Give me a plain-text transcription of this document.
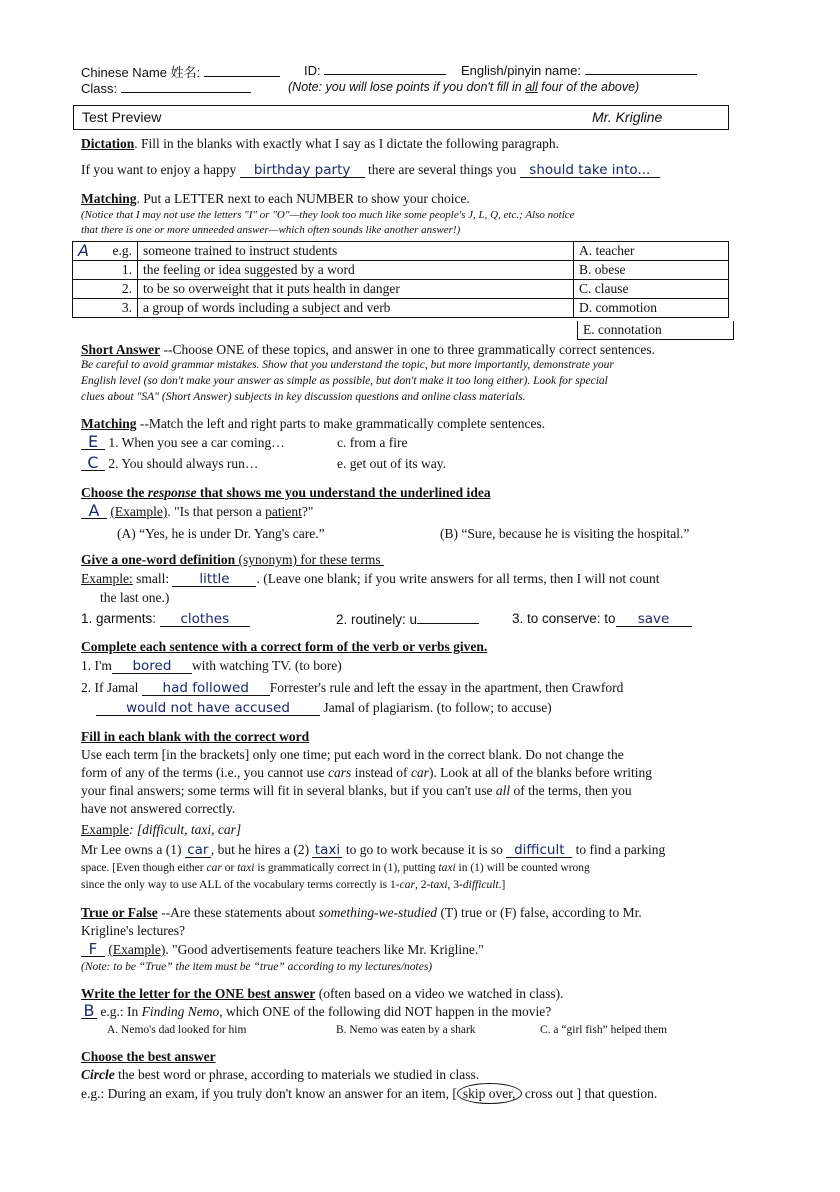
Chinese Name 姓名:	ID:	English/pinyin name:
Class:	(Note: you will lose points if you don't fill in all four of the above)
Test Preview	Mr. Krigline
Dictation. Fill in the blanks with exactly what I say as I dictate the following paragraph.
If you want to enjoy a happy birthday party there are several things you should take into...
Matching. Put a LETTER next to each NUMBER to show your choice.
(Notice that I may not use the letters "I" or "O"—they look too much like some people's J, L, Q, etc.; Also notice
that there is one or more unneeded answer—which often sounds like another answer!)
A e.g.	someone trained to instruct students	A. teacher
1.	the feeling or idea suggested by a word	B. obese
2.	to be so overweight that it puts health in danger	C. clause
3.	a group of words including a subject and verb	D. commotion
E. connotation
Short Answer --Choose ONE of these topics, and answer in one to three grammatically correct sentences.
Be careful to avoid grammar mistakes. Show that you understand the topic, but more importantly, demonstrate your
English level (so don't make your answer as simple as possible, but don't make it too long either). Look for special
clues about "SA" (Short Answer) subjects in key discussion questions and online class materials.
Matching --Match the left and right parts to make grammatically complete sentences.
E 1. When you see a car coming…	c. from a fire
C 2. You should always run…	e. get out of its way.
Choose the response that shows me you understand the underlined idea
A (Example). "Is that person a patient?"
(A) “Yes, he is under Dr. Yang's care.”	(B) “Sure, because he is visiting the hospital.”
Give a one-word definition (synonym) for these terms
Example: small: little . (Leave one blank; if you write answers for all terms, then I will not count
the last one.)
1. garments: clothes	2. routinely: u	3. to conserve: to save
Complete each sentence with a correct form of the verb or verbs given.
1. I'm bored with watching TV. (to bore)
2. If Jamal had followed Forrester's rule and left the essay in the apartment, then Crawford
would not have accused Jamal of plagiarism. (to follow; to accuse)
Fill in each blank with the correct word
Use each term [in the brackets] only one time; put each word in the correct blank. Do not change the
form of any of the terms (i.e., you cannot use cars instead of car). Look at all of the blanks before writing
your final answers; some terms will fit in several blanks, but if you can't use all of the terms, then you
have not answered correctly.
Example: [difficult, taxi, car]
Mr Lee owns a (1) car , but he hires a (2) taxi to go to work because it is so difficult to find a parking
space. [Even though either car or taxi is grammatically correct in (1), putting taxi in (1) will be counted wrong
since the only way to use ALL of the vocabulary terms correctly is 1-car, 2-taxi, 3-difficult.]
True or False --Are these statements about something-we-studied (T) true or (F) false, according to Mr.
Krigline's lectures?
F (Example). "Good advertisements feature teachers like Mr. Krigline."
(Note: to be “True” the item must be “true” according to my lectures/notes)
Write the letter for the ONE best answer (often based on a video we watched in class).
B e.g.: In Finding Nemo, which ONE of the following did NOT happen in the movie?
A. Nemo's dad looked for him	B. Nemo was eaten by a shark	C. a “girl fish” helped them
Choose the best answer
Circle the best word or phrase, according to materials we studied in class.
e.g.: During an exam, if you truly don't know an answer for an item, [ skip over, cross out ] that question.
